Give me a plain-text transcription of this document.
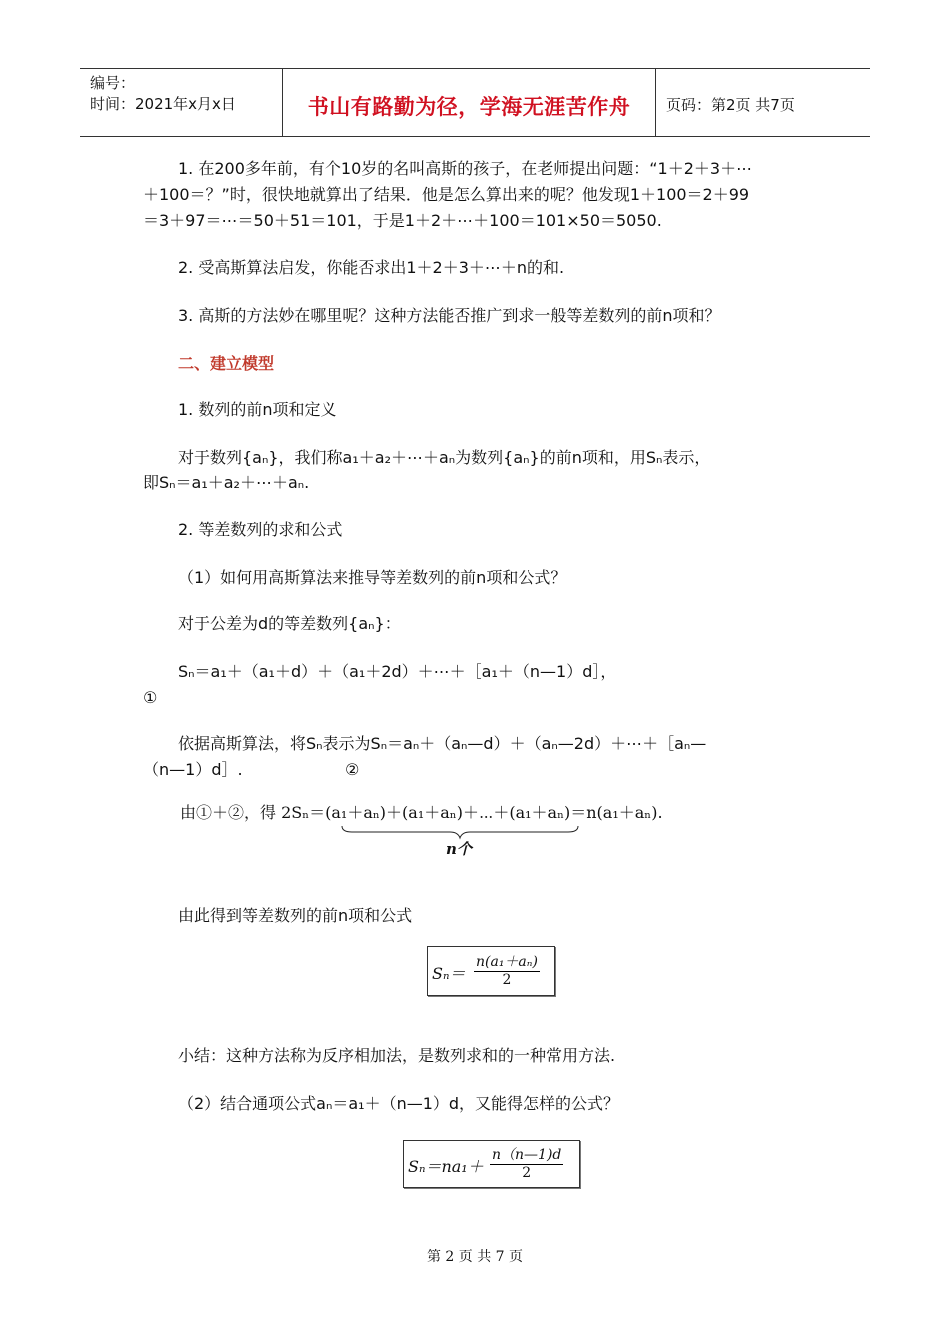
编号：
时间：2021年x月x日	书山有路勤为径，学海无涯苦作舟	页码：第2页 共7页
1. 在200多年前，有个10岁的名叫高斯的孩子，在老师提出问题：“1＋2＋3＋⋯
＋100＝？”时，很快地就算出了结果．他是怎么算出来的呢？他发现1＋100＝2＋99
＝3＋97＝⋯＝50＋51＝101，于是1＋2＋⋯＋100＝101×50＝5050.
2. 受高斯算法启发，你能否求出1＋2＋3＋⋯＋n的和.
3. 高斯的方法妙在哪里呢？这种方法能否推广到求一般等差数列的前n项和？
二、建立模型
1. 数列的前n项和定义
对于数列{aₙ}，我们称a₁＋a₂＋⋯＋aₙ为数列{aₙ}的前n项和，用Sₙ表示，
即Sₙ＝a₁＋a₂＋⋯＋aₙ.
2. 等差数列的求和公式
（1）如何用高斯算法来推导等差数列的前n项和公式？
对于公差为d的等差数列{aₙ}：
Sₙ＝a₁＋（a₁＋d）＋（a₁＋2d）＋⋯＋［a₁＋（n—1）d］，
①
依据高斯算法，将Sₙ表示为Sₙ＝aₙ＋（aₙ—d）＋（aₙ—2d）＋⋯＋［aₙ—
（n—1）d］.	②
由①＋②，得 2Sₙ＝(a₁＋aₙ)＋(a₁＋aₙ)＋⋯＋(a₁＋aₙ)＝n(a₁＋aₙ).
n个
由此得到等差数列的前n项和公式
$S_n= \frac{\text{n(a₁＋aₙ)}}{2}$
小结：这种方法称为反序相加法，是数列求和的一种常用方法.
（2）结合通项公式aₙ＝a₁＋（n—1）d，又能得怎样的公式？
$S_n=na_1+ \frac{n(n—1)d}{2}$
第 2 页 共 7 页
